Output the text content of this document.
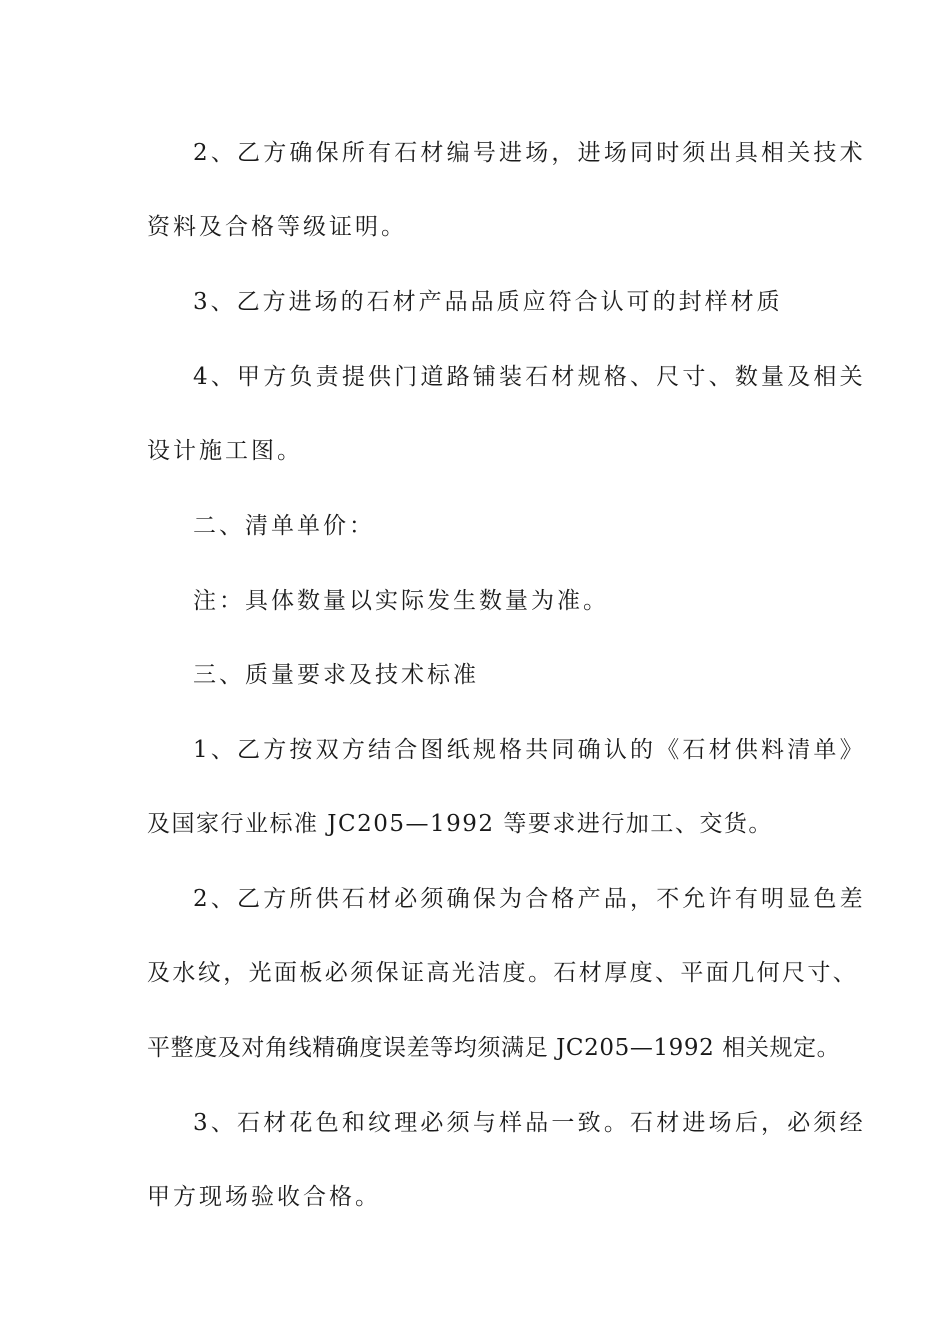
2、乙方确保所有石材编号进场，进场同时须出具相关技术
资料及合格等级证明。
3、乙方进场的石材产品品质应符合认可的封样材质
4、甲方负责提供门道路铺装石材规格、尺寸、数量及相关
设计施工图。
二、清单单价：
注：具体数量以实际发生数量为准。
三、质量要求及技术标准
1、乙方按双方结合图纸规格共同确认的《石材供料清单》
及国家行业标准 JC205—1992 等要求进行加工、交货。
2、乙方所供石材必须确保为合格产品，不允许有明显色差
及水纹，光面板必须保证高光洁度。石材厚度、平面几何尺寸、
平整度及对角线精确度误差等均须满足 JC205—1992 相关规定。
3、石材花色和纹理必须与样品一致。石材进场后，必须经
甲方现场验收合格。
